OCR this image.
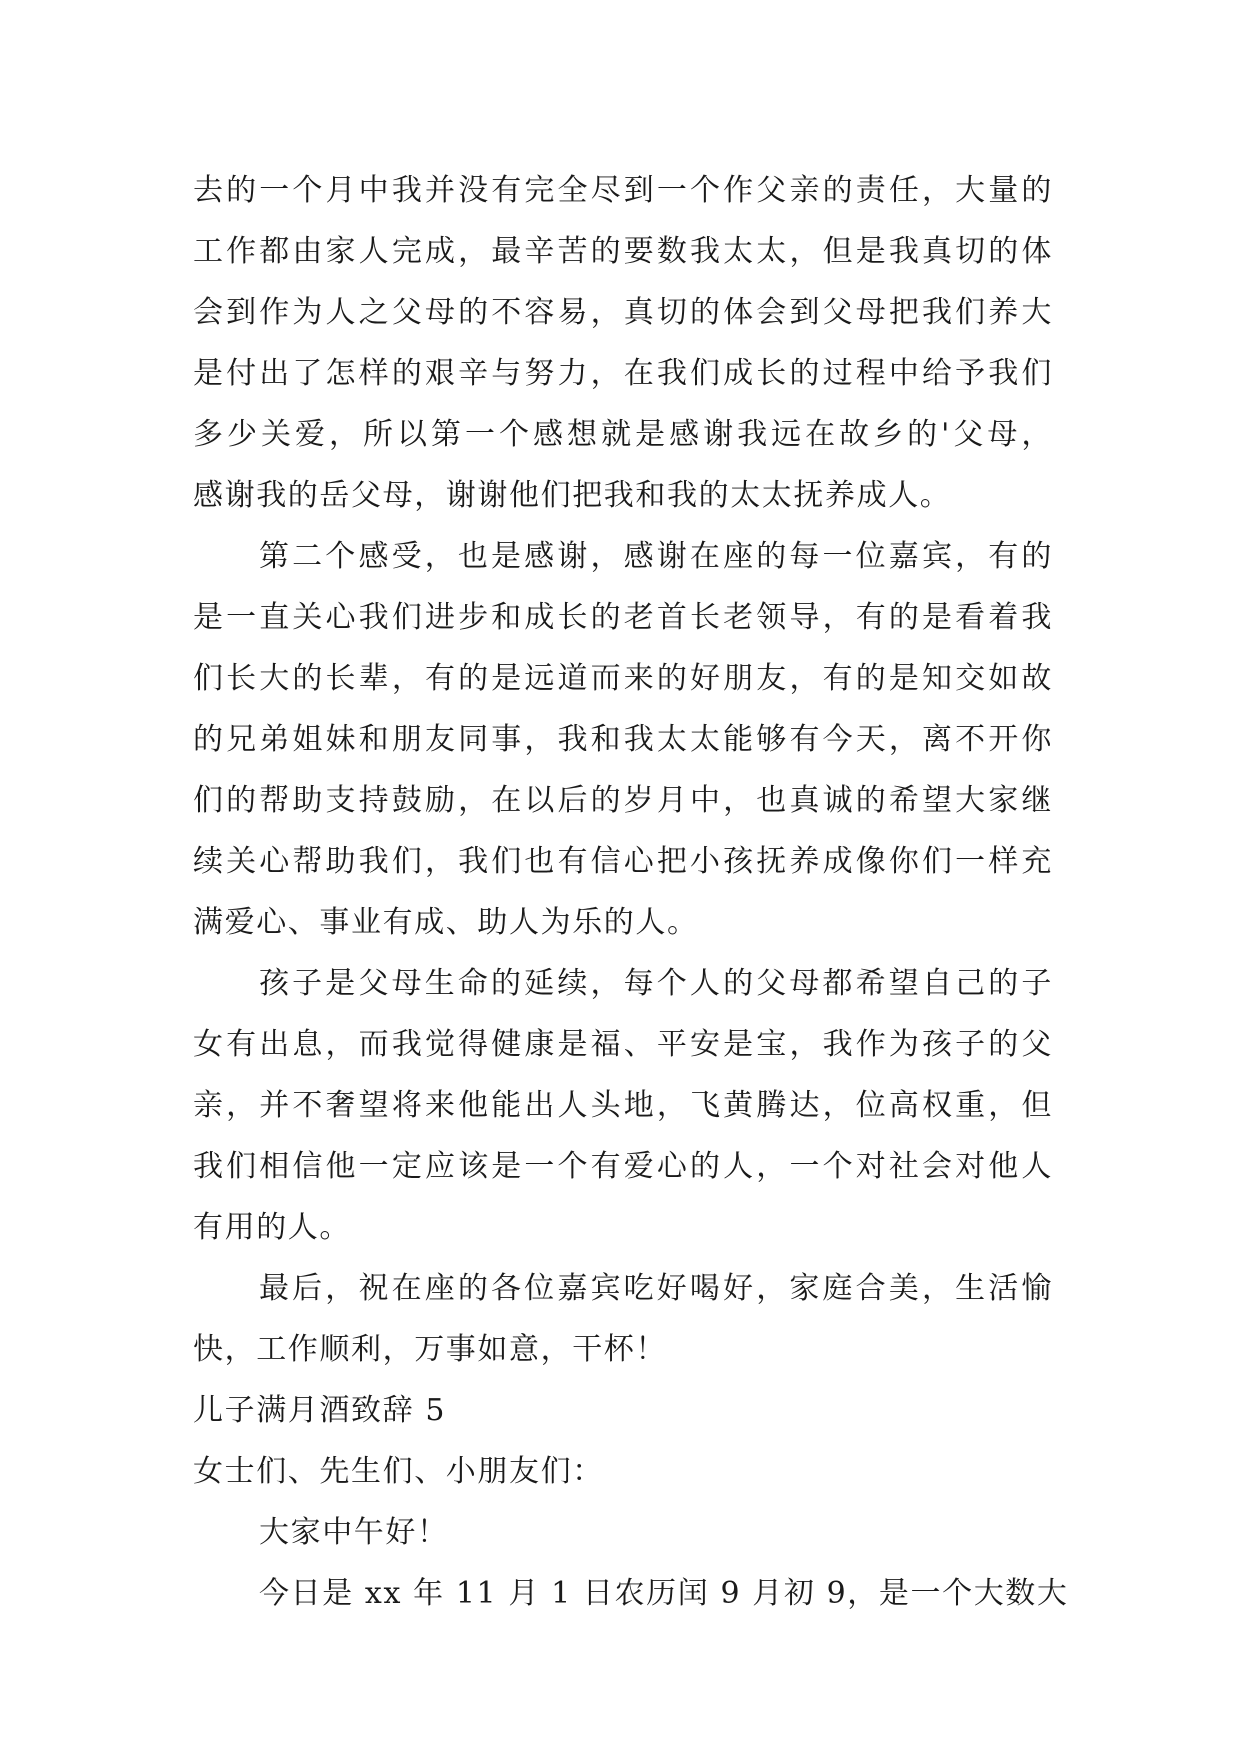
去的一个月中我并没有完全尽到一个作父亲的责任，大量的
工作都由家人完成，最辛苦的要数我太太，但是我真切的体
会到作为人之父母的不容易，真切的体会到父母把我们养大
是付出了怎样的艰辛与努力，在我们成长的过程中给予我们
多少关爱，所以第一个感想就是感谢我远在故乡的'父母，
感谢我的岳父母，谢谢他们把我和我的太太抚养成人。
第二个感受，也是感谢，感谢在座的每一位嘉宾，有的
是一直关心我们进步和成长的老首长老领导，有的是看着我
们长大的长辈，有的是远道而来的好朋友，有的是知交如故
的兄弟姐妹和朋友同事，我和我太太能够有今天，离不开你
们的帮助支持鼓励，在以后的岁月中，也真诚的希望大家继
续关心帮助我们，我们也有信心把小孩抚养成像你们一样充
满爱心、事业有成、助人为乐的人。
孩子是父母生命的延续，每个人的父母都希望自己的子
女有出息，而我觉得健康是福、平安是宝，我作为孩子的父
亲，并不奢望将来他能出人头地，飞黄腾达，位高权重，但
我们相信他一定应该是一个有爱心的人，一个对社会对他人
有用的人。
最后，祝在座的各位嘉宾吃好喝好，家庭合美，生活愉
快，工作顺利，万事如意，干杯！
儿子满月酒致辞 5
女士们、先生们、小朋友们：
大家中午好！
今日是 xx 年 11 月 1 日农历闰 9 月初 9，是一个大数大
